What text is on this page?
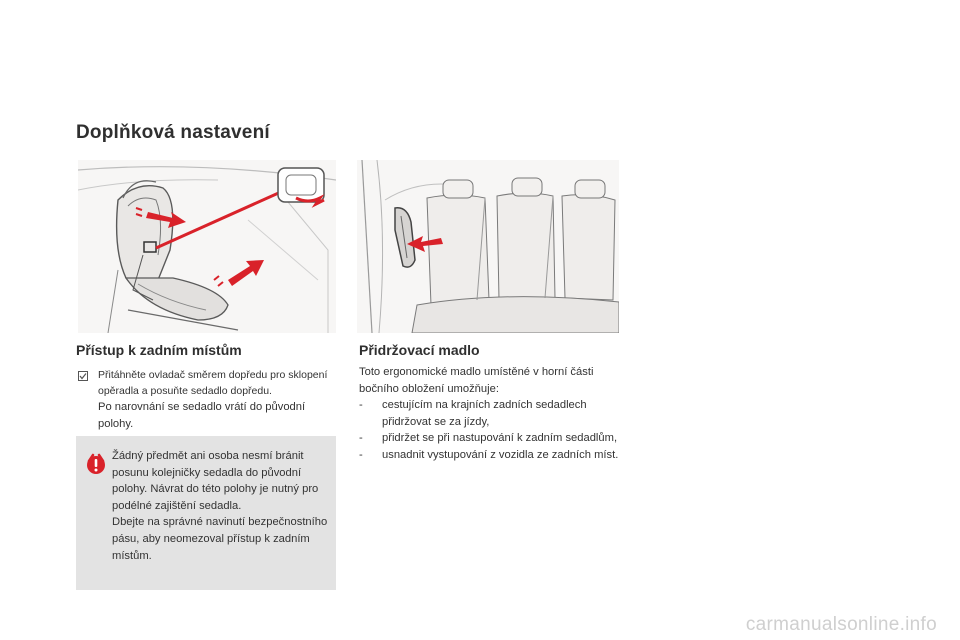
Doplňková nastavení
Přístup k zadním místům
Přitáhněte ovladač směrem dopředu pro sklopení opěradla a posuňte sedadlo dopředu.
Po narovnání se sedadlo vrátí do původní polohy.

Žádný předmět ani osoba nesmí bránit posunu kolejničky sedadla do původní polohy. Návrat do této polohy je nutný pro podélné zajištění sedadla.

Dbejte na správné navinutí bezpečnostního pásu, aby neomezoval přístup k zadním místům.

Přidržovací madlo

Toto ergonomické madlo umístěné v horní části bočního obložení umožňuje:

- cestujícím na krajních zadních sedadlech přidržovat se za jízdy,
- přidržet se při nastupování k zadním sedadlům,
- usnadnit vystupování z vozidla ze zadních míst.

carmanualsonline.info
